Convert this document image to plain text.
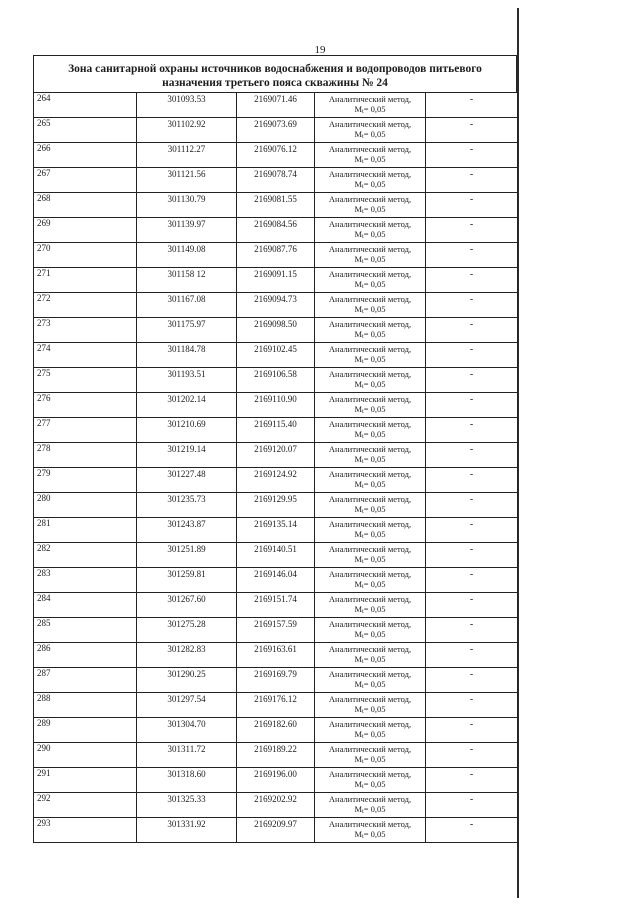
19
Зона санитарной охраны источников водоснабжения и водопроводов питьевого
назначения третьего пояса скважины № 24
264	301093.53	2169071.46	Аналитический метод,
Mt= 0,05	-
265	301102.92	2169073.69	Аналитический метод,
Mt= 0,05	-
266	301112.27	2169076.12	Аналитический метод,
Mt= 0,05	-
267	301121.56	2169078.74	Аналитический метод,
Mt= 0,05	-
268	301130.79	2169081.55	Аналитический метод,
Mt= 0,05	-
269	301139.97	2169084.56	Аналитический метод,
Mt= 0,05	-
270	301149.08	2169087.76	Аналитический метод,
Mt= 0,05	-
271	301158 12	2169091.15	Аналитический метод,
Mt= 0,05	-
272	301167.08	2169094.73	Аналитический метод,
Mt= 0,05	-
273	301175.97	2169098.50	Аналитический метод,
Mt= 0,05	-
274	301184.78	2169102.45	Аналитический метод,
Mt= 0,05	-
275	301193.51	2169106.58	Аналитический метод,
Mt= 0,05	-
276	301202.14	2169110.90	Аналитический метод,
Mt= 0,05	-
277	301210.69	2169115.40	Аналитический метод,
Mt= 0,05	-
278	301219.14	2169120.07	Аналитический метод,
Mt= 0,05	-
279	301227.48	2169124.92	Аналитический метод,
Mt= 0,05	-
280	301235.73	2169129.95	Аналитический метод,
Mt= 0,05	-
281	301243.87	2169135.14	Аналитический метод,
Mt= 0,05	-
282	301251.89	2169140.51	Аналитический метод,
Mt= 0,05	-
283	301259.81	2169146.04	Аналитический метод,
Mt= 0,05	-
284	301267.60	2169151.74	Аналитический метод,
Mt= 0,05	-
285	301275.28	2169157.59	Аналитический метод,
Mt= 0,05	-
286	301282.83	2169163.61	Аналитический метод,
Mt= 0,05	-
287	301290.25	2169169.79	Аналитический метод,
Mt= 0,05	-
288	301297.54	2169176.12	Аналитический метод,
Mt= 0,05	-
289	301304.70	2169182.60	Аналитический метод,
Mt= 0,05	-
290	301311.72	2169189.22	Аналитический метод,
Mt= 0,05	-
291	301318.60	2169196.00	Аналитический метод,
Mt= 0,05	-
292	301325.33	2169202.92	Аналитический метод,
Mt= 0,05	-
293	301331.92	2169209.97	Аналитический метод,
Mt= 0,05	-
